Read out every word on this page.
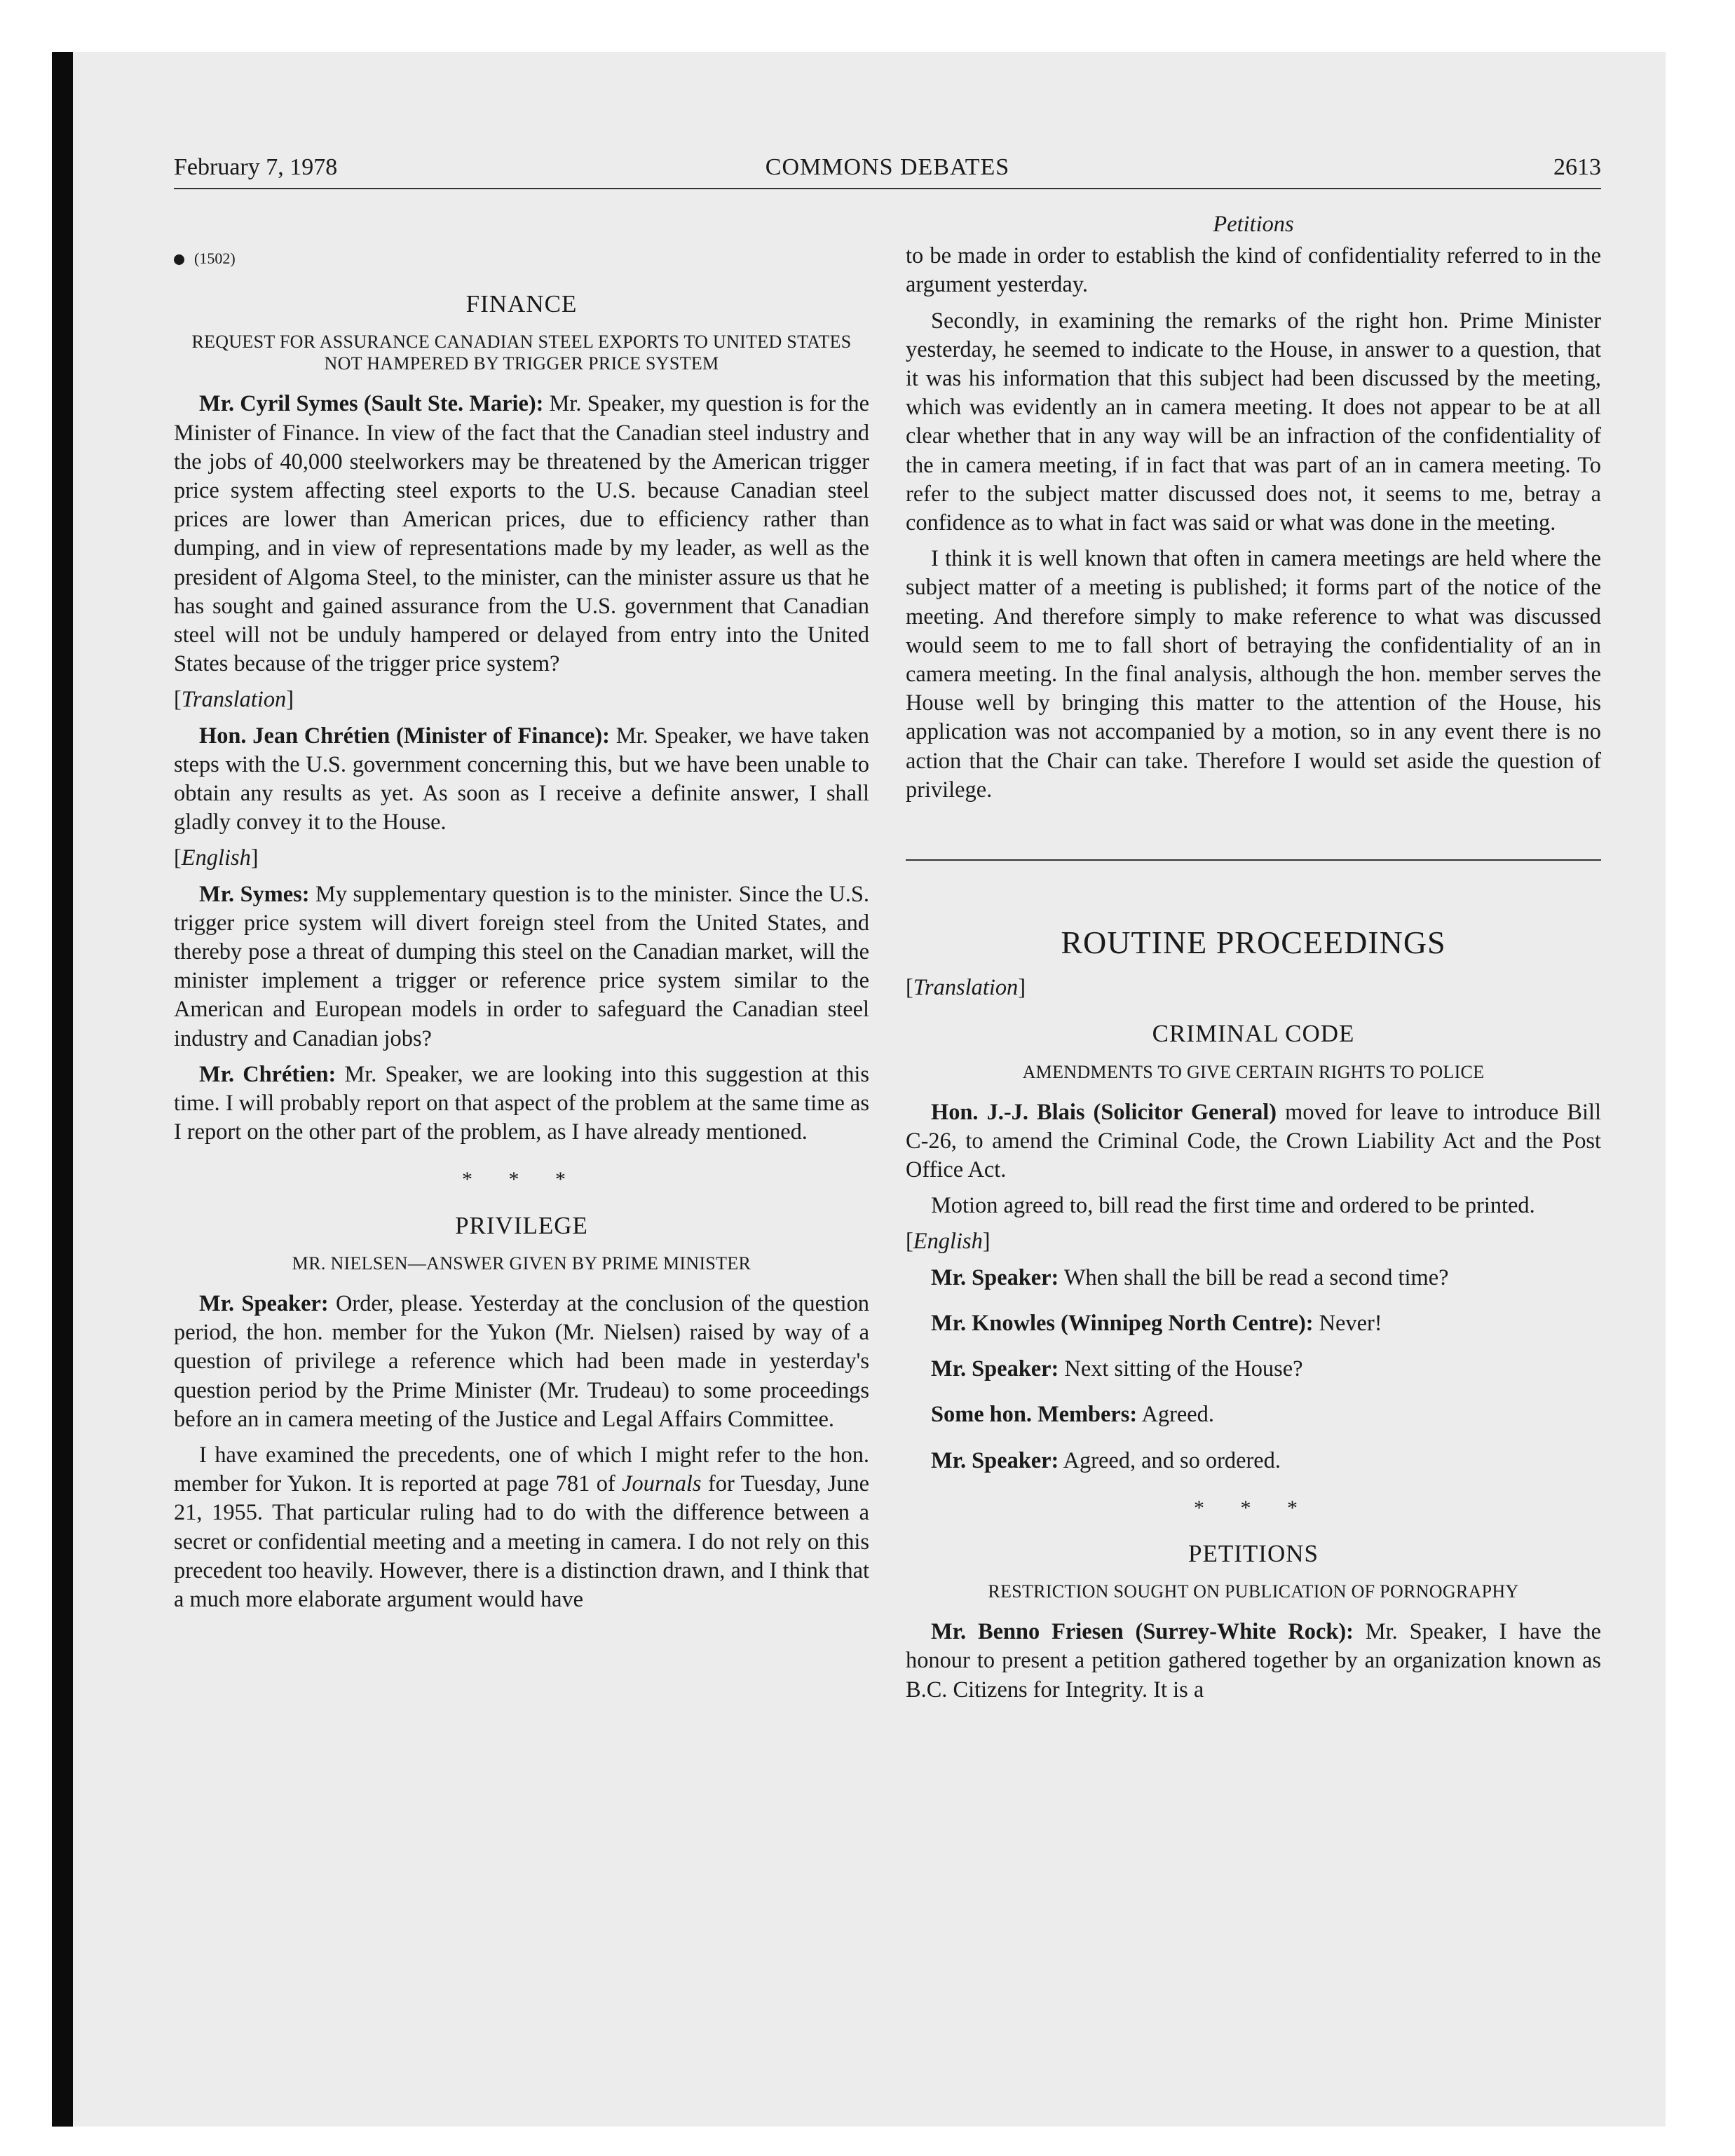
February 7, 1978	COMMONS DEBATES	2613
(1502)
FINANCE
REQUEST FOR ASSURANCE CANADIAN STEEL EXPORTS TO UNITED STATES NOT HAMPERED BY TRIGGER PRICE SYSTEM

Mr. Cyril Symes (Sault Ste. Marie): Mr. Speaker, my question is for the Minister of Finance. In view of the fact that the Canadian steel industry and the jobs of 40,000 steelworkers may be threatened by the American trigger price system affecting steel exports to the U.S. because Canadian steel prices are lower than American prices, due to efficiency rather than dumping, and in view of representations made by my leader, as well as the president of Algoma Steel, to the minister, can the minister assure us that he has sought and gained assurance from the U.S. government that Canadian steel will not be unduly hampered or delayed from entry into the United States because of the trigger price system?

[Translation]

Hon. Jean Chrétien (Minister of Finance): Mr. Speaker, we have taken steps with the U.S. government concerning this, but we have been unable to obtain any results as yet. As soon as I receive a definite answer, I shall gladly convey it to the House.

[English]

Mr. Symes: My supplementary question is to the minister. Since the U.S. trigger price system will divert foreign steel from the United States, and thereby pose a threat of dumping this steel on the Canadian market, will the minister implement a trigger or reference price system similar to the American and European models in order to safeguard the Canadian steel industry and Canadian jobs?

Mr. Chrétien: Mr. Speaker, we are looking into this suggestion at this time. I will probably report on that aspect of the problem at the same time as I report on the other part of the problem, as I have already mentioned.

* * *
PRIVILEGE
MR. NIELSEN—ANSWER GIVEN BY PRIME MINISTER

Mr. Speaker: Order, please. Yesterday at the conclusion of the question period, the hon. member for the Yukon (Mr. Nielsen) raised by way of a question of privilege a reference which had been made in yesterday's question period by the Prime Minister (Mr. Trudeau) to some proceedings before an in camera meeting of the Justice and Legal Affairs Committee.

I have examined the precedents, one of which I might refer to the hon. member for Yukon. It is reported at page 781 of Journals for Tuesday, June 21, 1955. That particular ruling had to do with the difference between a secret or confidential meeting and a meeting in camera. I do not rely on this precedent too heavily. However, there is a distinction drawn, and I think that a much more elaborate argument would have

Petitions

to be made in order to establish the kind of confidentiality referred to in the argument yesterday.

Secondly, in examining the remarks of the right hon. Prime Minister yesterday, he seemed to indicate to the House, in answer to a question, that it was his information that this subject had been discussed by the meeting, which was evidently an in camera meeting. It does not appear to be at all clear whether that in any way will be an infraction of the confidentiality of the in camera meeting, if in fact that was part of an in camera meeting. To refer to the subject matter discussed does not, it seems to me, betray a confidence as to what in fact was said or what was done in the meeting.

I think it is well known that often in camera meetings are held where the subject matter of a meeting is published; it forms part of the notice of the meeting. And therefore simply to make reference to what was discussed would seem to me to fall short of betraying the confidentiality of an in camera meeting. In the final analysis, although the hon. member serves the House well by bringing this matter to the attention of the House, his application was not accompanied by a motion, so in any event there is no action that the Chair can take. Therefore I would set aside the question of privilege.

ROUTINE PROCEEDINGS

[Translation]

CRIMINAL CODE
AMENDMENTS TO GIVE CERTAIN RIGHTS TO POLICE

Hon. J.-J. Blais (Solicitor General) moved for leave to introduce Bill C-26, to amend the Criminal Code, the Crown Liability Act and the Post Office Act.

Motion agreed to, bill read the first time and ordered to be printed.

[English]

Mr. Speaker: When shall the bill be read a second time?

Mr. Knowles (Winnipeg North Centre): Never!

Mr. Speaker: Next sitting of the House?

Some hon. Members: Agreed.

Mr. Speaker: Agreed, and so ordered.

* * *
PETITIONS
RESTRICTION SOUGHT ON PUBLICATION OF PORNOGRAPHY

Mr. Benno Friesen (Surrey-White Rock): Mr. Speaker, I have the honour to present a petition gathered together by an organization known as B.C. Citizens for Integrity. It is a
